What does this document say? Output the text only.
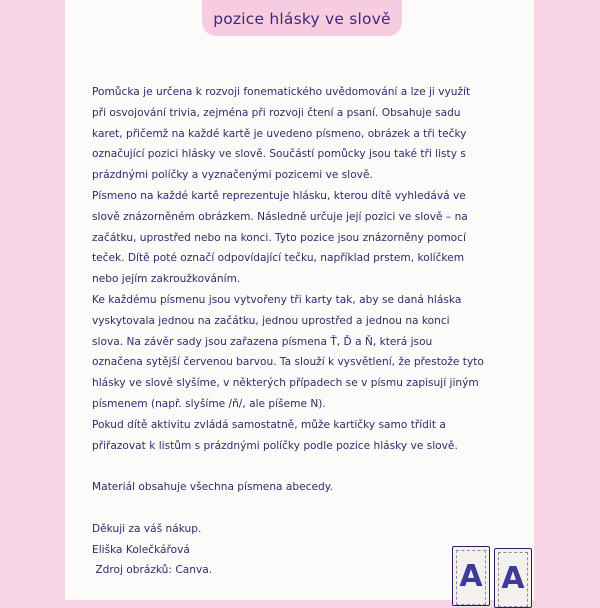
pozice hlásky ve slově

Pomůcka je určena k rozvoji fonematického uvědomování a lze ji využít

při osvojování trivia, zejména při rozvoji čtení a psaní. Obsahuje sadu

karet, přičemž na každé kartě je uvedeno písmeno, obrázek a tři tečky

označující pozici hlásky ve slově. Součástí pomůcky jsou také tři listy s

prázdnými políčky a vyznačenými pozicemi ve slově.

Písmeno na každé kartě reprezentuje hlásku, kterou dítě vyhledává ve

slově znázorněném obrázkem. Následně určuje její pozici ve slově – na

začátku, uprostřed nebo na konci. Tyto pozice jsou znázorněny pomocí

teček. Dítě poté označí odpovídající tečku, například prstem, kolíčkem

nebo jejím zakroužkováním.

Ke každému písmenu jsou vytvořeny tři karty tak, aby se daná hláska

vyskytovala jednou na začátku, jednou uprostřed a jednou na konci

slova. Na závěr sady jsou zařazena písmena Ť, Ď a Ň, která jsou

označena sytější červenou barvou. Ta slouží k vysvětlení, že přestože tyto

hlásky ve slově slyšíme, v některých případech se v písmu zapisují jiným

písmenem (např. slyšíme /ň/, ale píšeme N).

Pokud dítě aktivitu zvládá samostatně, může kartičky samo třídit a

přiřazovat k listům s prázdnými políčky podle pozice hlásky ve slově.

Materiál obsahuje všechna písmena abecedy.

Děkuji za váš nákup.

Eliška Kolečkářová

Zdroj obrázků: Canva.	A A
